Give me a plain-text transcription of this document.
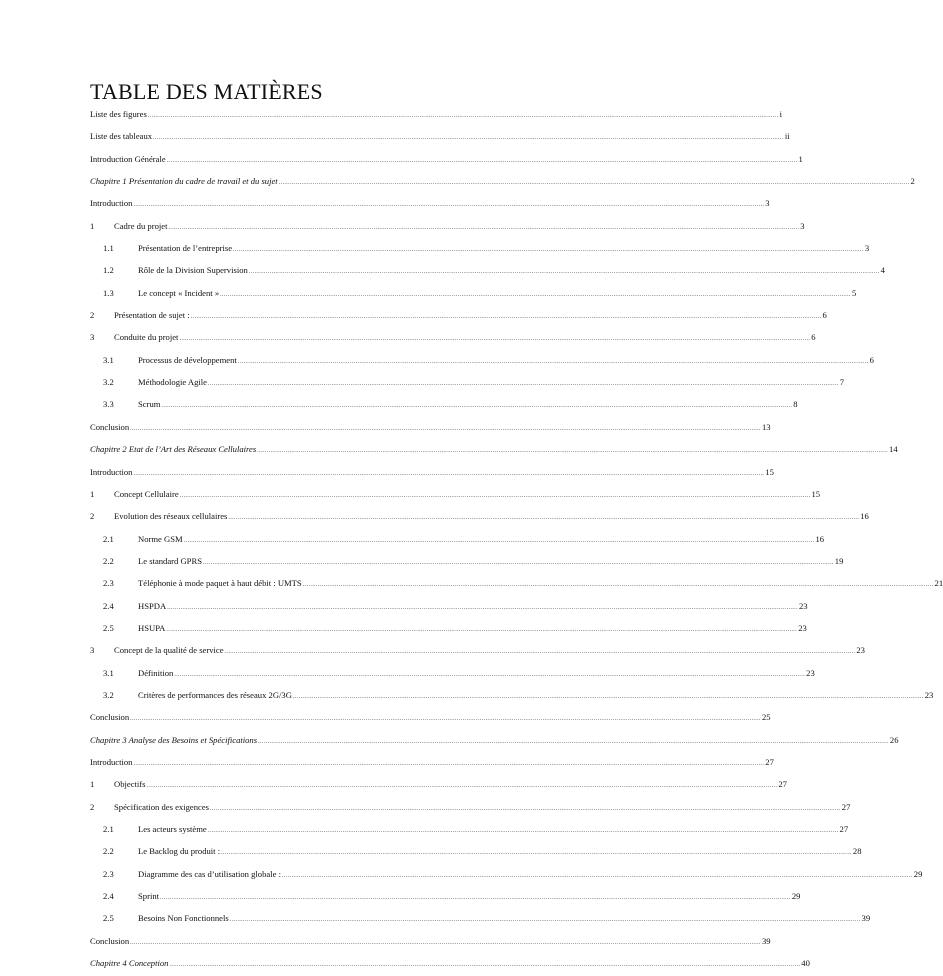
TABLE DES MATIÈRES
Liste des figures .....	i
Liste des tableaux .....	ii
Introduction Générale .....	1
Chapitre 1 Présentation du cadre de travail et du sujet .....	2
Introduction .....	3
1	Cadre du projet .....	3
1.1	Présentation de l’entreprise .....	3
1.2	Rôle de la Division Supervision .....	4
1.3	Le concept « Incident » .....	5
2	Présentation de sujet : .....	6
3	Conduite du projet .....	6
3.1	Processus de développement .....	6
3.2	Méthodologie Agile .....	7
3.3	Scrum .....	8
Conclusion .....	13
Chapitre 2 Etat de l’Art des Réseaux Cellulaires .....	14
Introduction .....	15
1	Concept Cellulaire .....	15
2	Evolution des réseaux cellulaires .....	16
2.1	Norme GSM .....	16
2.2	Le standard GPRS .....	19
2.3	Téléphonie à mode paquet à haut débit : UMTS .....	21
2.4	HSPDA .....	23
2.5	HSUPA .....	23
3	Concept de la qualité de service .....	23
3.1	Définition .....	23
3.2	Critères de performances des réseaux 2G/3G .....	23
Conclusion .....	25
Chapitre 3 Analyse des Besoins et Spécifications .....	26
Introduction .....	27
1	Objectifs .....	27
2	Spécification des exigences .....	27
2.1	Les acteurs système .....	27
2.2	Le Backlog du produit : .....	28
2.3	Diagramme des cas d’utilisation globale : .....	29
2.4	Sprint .....	29
2.5	Besoins Non Fonctionnels .....	39
Conclusion .....	39
Chapitre 4 Conception .....	40
